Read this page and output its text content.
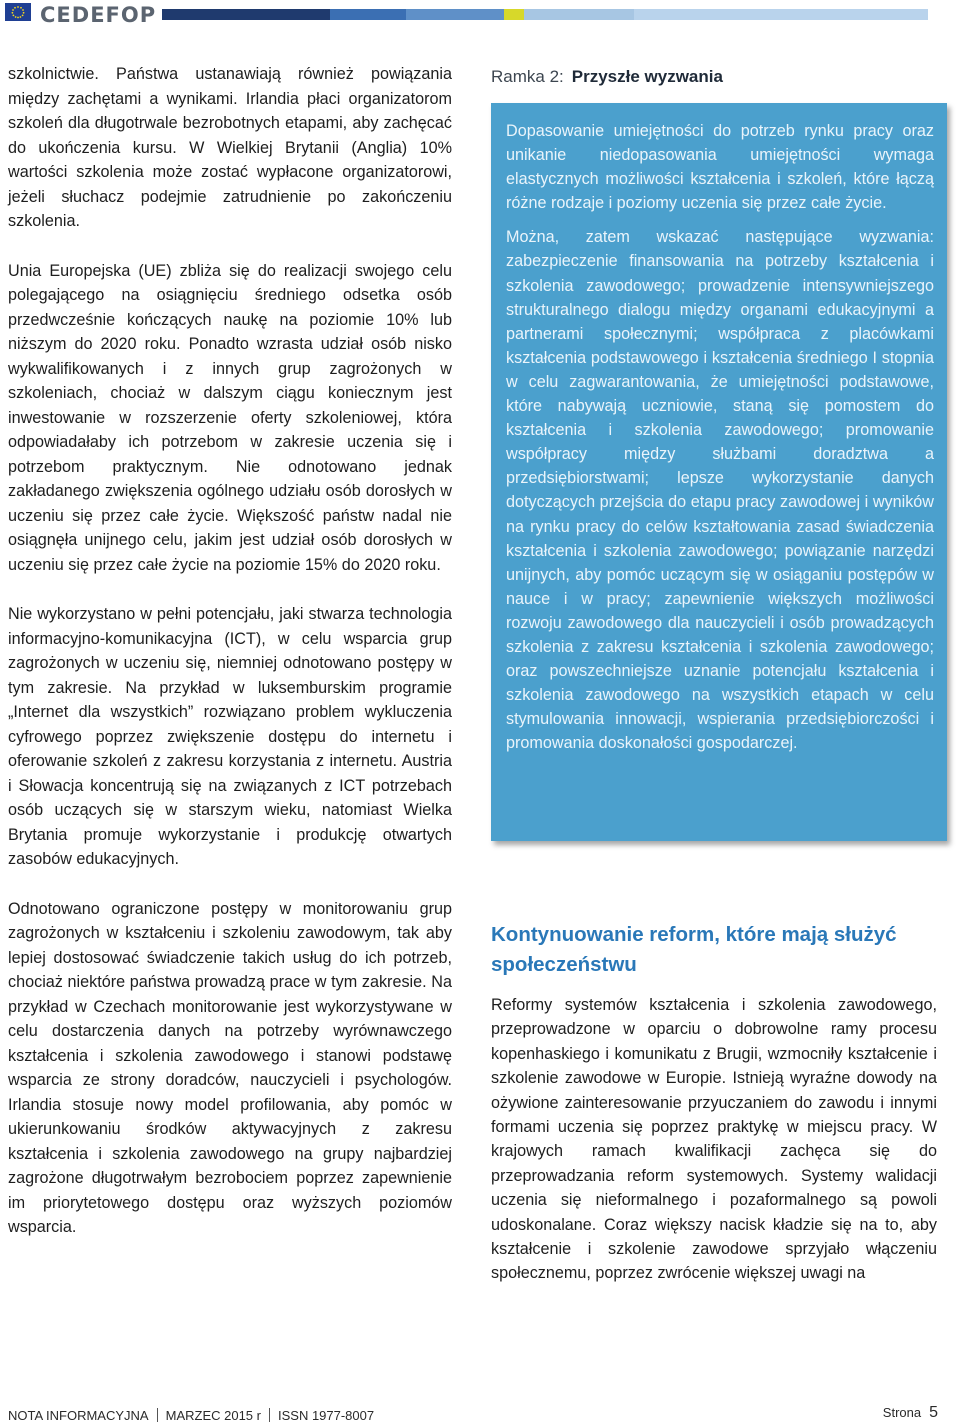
CEDEFOP

szkolnictwie. Państwa ustanawiają również powiązania między zachętami a wynikami. Irlandia płaci organizatorom szkoleń dla długotrwale bezrobotnych etapami, aby zachęcać do ukończenia kursu. W Wielkiej Brytanii (Anglia) 10% wartości szkolenia może zostać wypłacone organizatorowi, jeżeli słuchacz podejmie zatrudnienie po zakończeniu szkolenia.

Unia Europejska (UE) zbliża się do realizacji swojego celu polegającego na osiągnięciu średniego odsetka osób przedwcześnie kończących naukę na poziomie 10% lub niższym do 2020 roku. Ponadto wzrasta udział osób nisko wykwalifikowanych i z innych grup zagrożonych w szkoleniach, chociaż w dalszym ciągu koniecznym jest inwestowanie w rozszerzenie oferty szkoleniowej, która odpowiadałaby ich potrzebom w zakresie uczenia się i potrzebom praktycznym. Nie odnotowano jednak zakładanego zwiększenia ogólnego udziału osób dorosłych w uczeniu się przez całe życie. Większość państw nadal nie osiągnęła unijnego celu, jakim jest udział osób dorosłych w uczeniu się przez całe życie na poziomie 15% do 2020 roku.

Nie wykorzystano w pełni potencjału, jaki stwarza technologia informacyjno-komunikacyjna (ICT), w celu wsparcia grup zagrożonych w uczeniu się, niemniej odnotowano postępy w tym zakresie. Na przykład w luksemburskim programie „Internet dla wszystkich” rozwiązano problem wykluczenia cyfrowego poprzez zwiększenie dostępu do internetu i oferowanie szkoleń z zakresu korzystania z internetu. Austria i Słowacja koncentrują się na związanych z ICT potrzebach osób uczących się w starszym wieku, natomiast Wielka Brytania promuje wykorzystanie i produkcję otwartych zasobów edukacyjnych.

Odnotowano ograniczone postępy w monitorowaniu grup zagrożonych w kształceniu i szkoleniu zawodowym, tak aby lepiej dostosować świadczenie takich usług do ich potrzeb, chociaż niektóre państwa prowadzą prace w tym zakresie. Na przykład w Czechach monitorowanie jest wykorzystywane w celu dostarczenia danych na potrzeby wyrównawczego kształcenia i szkolenia zawodowego i stanowi podstawę wsparcia ze strony doradców, nauczycieli i psychologów. Irlandia stosuje nowy model profilowania, aby pomóc w ukierunkowaniu środków aktywacyjnych z zakresu kształcenia i szkolenia zawodowego na grupy najbardziej zagrożone długotrwałym bezrobociem poprzez zapewnienie im priorytetowego dostępu oraz wyższych poziomów wsparcia.

Ramka 2: Przyszłe wyzwania

Dopasowanie umiejętności do potrzeb rynku pracy oraz unikanie niedopasowania umiejętności wymaga elastycznych możliwości kształcenia i szkoleń, które łączą różne rodzaje i poziomy uczenia się przez całe życie.

Można, zatem wskazać następujące wyzwania: zabezpieczenie finansowania na potrzeby kształcenia i szkolenia zawodowego; prowadzenie intensywniejszego strukturalnego dialogu między organami edukacyjnymi a partnerami społecznymi; współpraca z placówkami kształcenia podstawowego i kształcenia średniego I stopnia w celu zagwarantowania, że umiejętności podstawowe, które nabywają uczniowie, staną się pomostem do kształcenia i szkolenia zawodowego; promowanie współpracy między służbami doradztwa a przedsiębiorstwami; lepsze wykorzystanie danych dotyczących przejścia do etapu pracy zawodowej i wyników na rynku pracy do celów kształtowania zasad świadczenia kształcenia i szkolenia zawodowego; powiązanie narzędzi unijnych, aby pomóc uczącym się w osiąganiu postępów w nauce i w pracy; zapewnienie większych możliwości rozwoju zawodowego dla nauczycieli i osób prowadzących szkolenia z zakresu kształcenia i szkolenia zawodowego; oraz powszechniejsze uznanie potencjału kształcenia i szkolenia zawodowego na wszystkich etapach w celu stymulowania innowacji, wspierania przedsiębiorczości i promowania doskonałości gospodarczej.

Kontynuowanie reform, które mają służyć społeczeństwu

Reformy systemów kształcenia i szkolenia zawodowego, przeprowadzone w oparciu o dobrowolne ramy procesu kopenhaskiego i komunikatu z Brugii, wzmocniły kształcenie i szkolenie zawodowe w Europie. Istnieją wyraźne dowody na ożywione zainteresowanie przyuczaniem do zawodu i innymi formami uczenia się poprzez praktykę w miejscu pracy. W krajowych ramach kwalifikacji zachęca się do przeprowadzania reform systemowych. Systemy walidacji uczenia się nieformalnego i pozaformalnego są powoli udoskonalane. Coraz większy nacisk kładzie się na to, aby kształcenie i szkolenie zawodowe sprzyjało włączeniu społecznemu, poprzez zwrócenie większej uwagi na

NOTA INFORMACYJNA MARZEC 2015 r ISSN 1977-8007	Strona 5
